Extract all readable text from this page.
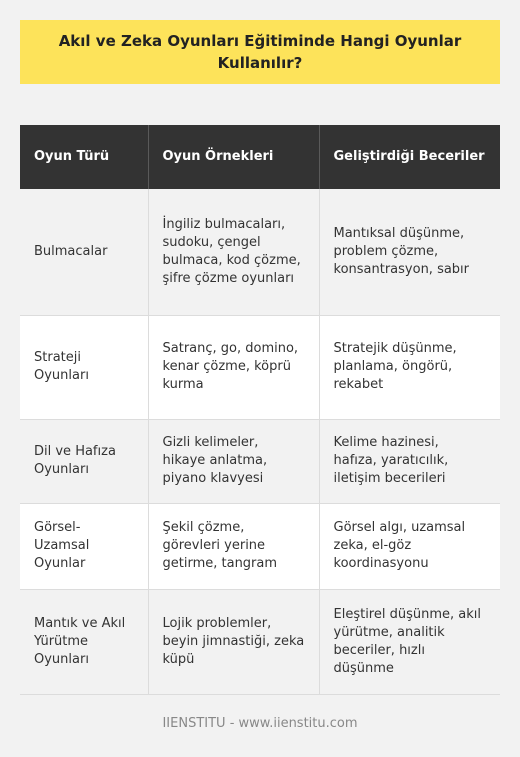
Akıl ve Zeka Oyunları Eğitiminde Hangi Oyunlar Kullanılır?
Oyun Türü	Oyun Örnekleri	Geliştirdiği Beceriler
Bulmacalar	İngiliz bulmacaları, sudoku, çengel bulmaca, kod çözme, şifre çözme oyunları	Mantıksal düşünme, problem çözme, konsantrasyon, sabır
Strateji Oyunları	Satranç, go, domino, kenar çözme, köprü kurma	Stratejik düşünme, planlama, öngörü, rekabet
Dil ve Hafıza Oyunları	Gizli kelimeler, hikaye anlatma, piyano klavyesi	Kelime hazinesi, hafıza, yaratıcılık, iletişim becerileri
Görsel-Uzamsal Oyunlar	Şekil çözme, görevleri yerine getirme, tangram	Görsel algı, uzamsal zeka, el-göz koordinasyonu
Mantık ve Akıl Yürütme Oyunları	Lojik problemler, beyin jimnastiği, zeka küpü	Eleştirel düşünme, akıl yürütme, analitik beceriler, hızlı düşünme
IIENSTITU - www.iienstitu.com
